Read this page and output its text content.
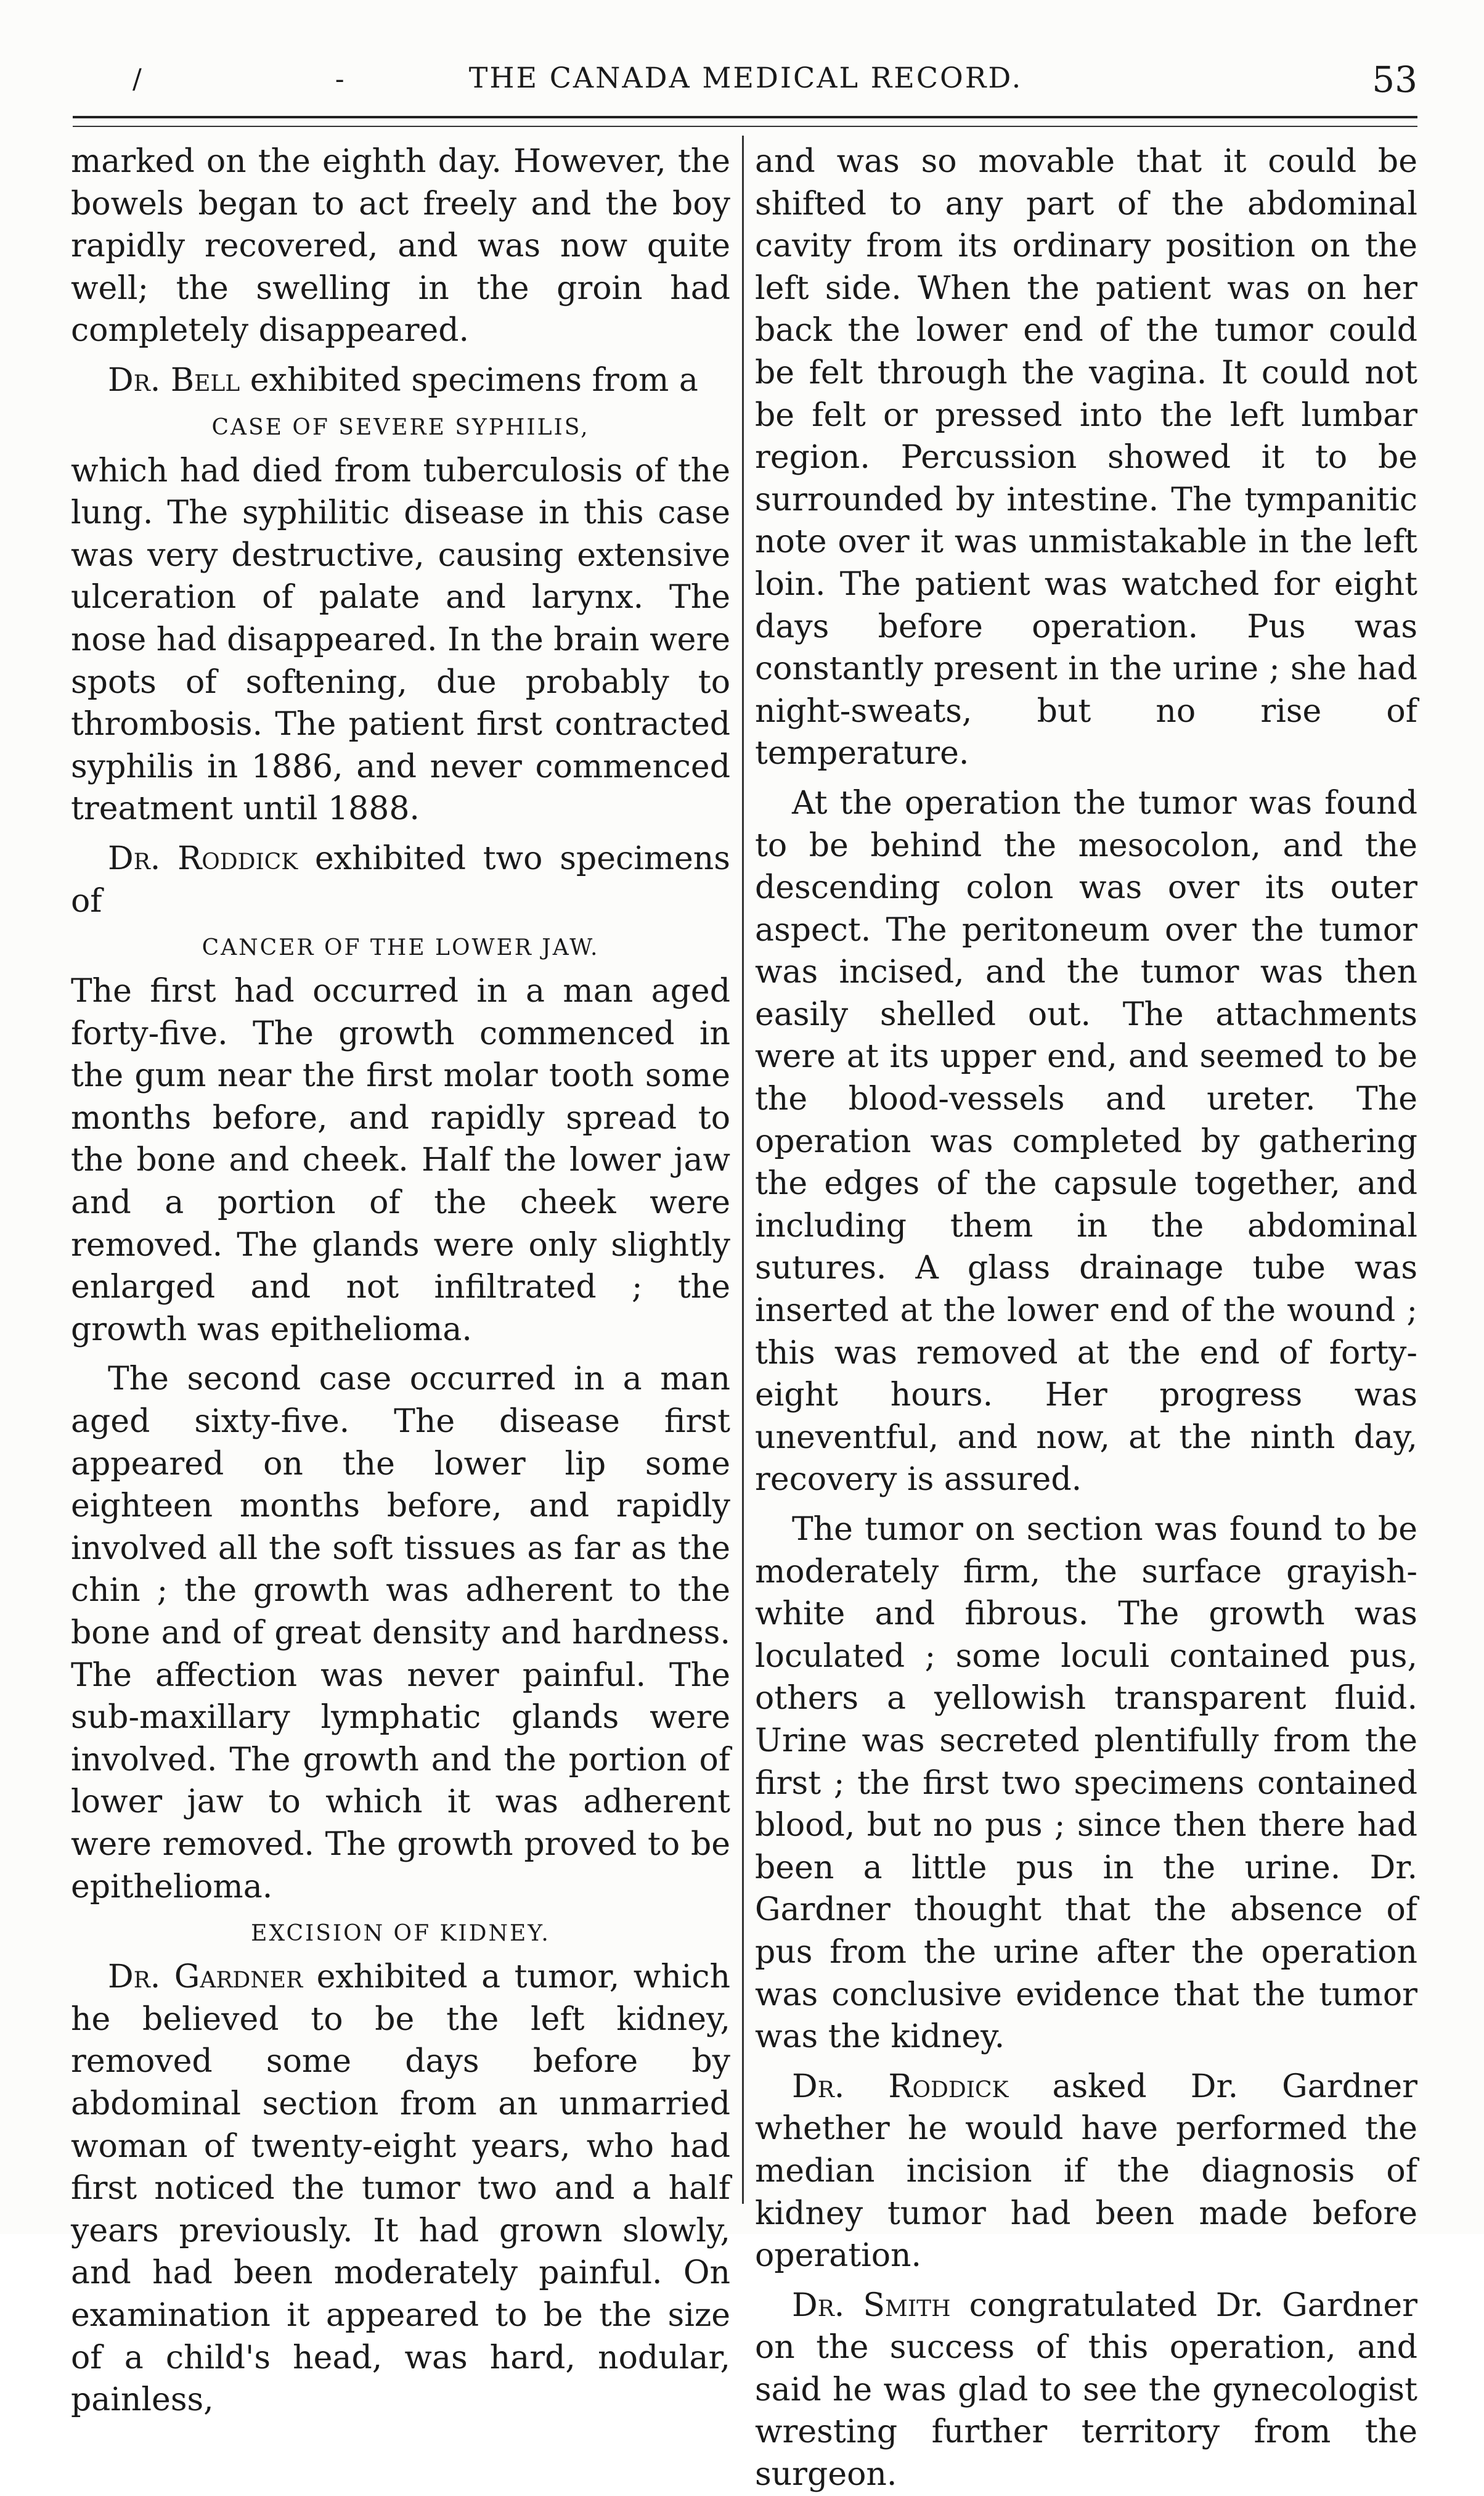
/ -	THE CANADA MEDICAL RECORD.	53

marked on the eighth day. However, the bowels began to act freely and the boy rapidly recovered, and was now quite well; the swelling in the groin had completely disappeared.

Dr. Bell exhibited specimens from a

CASE OF SEVERE SYPHILIS,

which had died from tuberculosis of the lung. The syphilitic disease in this case was very destructive, causing extensive ulceration of palate and larynx. The nose had disappeared. In the brain were spots of softening, due probably to thrombosis. The patient first contracted syphilis in 1886, and never commenced treatment until 1888.

Dr. Roddick exhibited two specimens of

CANCER OF THE LOWER JAW.

The first had occurred in a man aged forty-five. The growth commenced in the gum near the first molar tooth some months before, and rapidly spread to the bone and cheek. Half the lower jaw and a portion of the cheek were removed. The glands were only slightly enlarged and not infiltrated ; the growth was epithelioma.

The second case occurred in a man aged sixty-five. The disease first appeared on the lower lip some eighteen months before, and rapidly involved all the soft tissues as far as the chin ; the growth was adherent to the bone and of great density and hardness. The affection was never painful. The sub-maxillary lymphatic glands were involved. The growth and the portion of lower jaw to which it was adherent were removed. The growth proved to be epithelioma.

EXCISION OF KIDNEY.

Dr. Gardner exhibited a tumor, which he believed to be the left kidney, removed some days before by abdominal section from an unmarried woman of twenty-eight years, who had first noticed the tumor two and a half years previously. It had grown slowly, and had been moderately painful. On examination it appeared to be the size of a child's head, was hard, nodular, painless,

and was so movable that it could be shifted to any part of the abdominal cavity from its ordinary position on the left side. When the patient was on her back the lower end of the tumor could be felt through the vagina. It could not be felt or pressed into the left lumbar region. Percussion showed it to be surrounded by intestine. The tympanitic note over it was unmistakable in the left loin. The patient was watched for eight days before operation. Pus was constantly present in the urine ; she had night-sweats, but no rise of temperature.

At the operation the tumor was found to be behind the mesocolon, and the descending colon was over its outer aspect. The peritoneum over the tumor was incised, and the tumor was then easily shelled out. The attachments were at its upper end, and seemed to be the blood-vessels and ureter. The operation was completed by gathering the edges of the capsule together, and including them in the abdominal sutures. A glass drainage tube was inserted at the lower end of the wound ; this was removed at the end of forty-eight hours. Her progress was uneventful, and now, at the ninth day, recovery is assured.

The tumor on section was found to be moderately firm, the surface grayish-white and fibrous. The growth was loculated ; some loculi contained pus, others a yellowish transparent fluid. Urine was secreted plentifully from the first ; the first two specimens contained blood, but no pus ; since then there had been a little pus in the urine. Dr. Gardner thought that the absence of pus from the urine after the operation was conclusive evidence that the tumor was the kidney.

Dr. Roddick asked Dr. Gardner whether he would have performed the median incision if the diagnosis of kidney tumor had been made before operation.

Dr. Smith congratulated Dr. Gardner on the success of this operation, and said he was glad to see the gynecologist wresting further territory from the surgeon.
